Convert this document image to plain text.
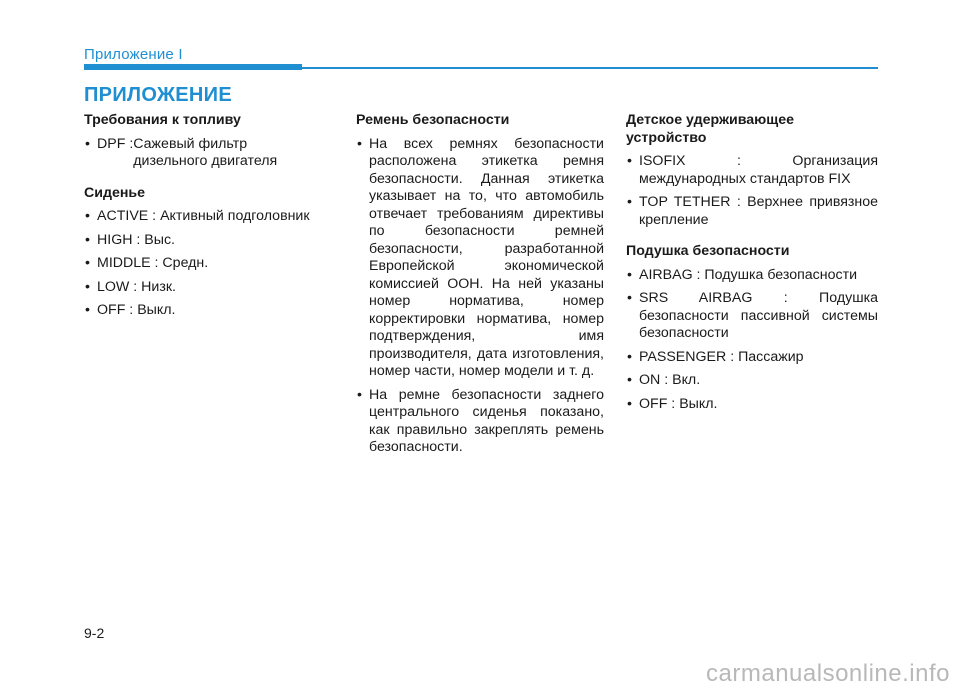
Приложение I
ПРИЛОЖЕНИЕ
Требования к топливу
• DPF : Сажевый фильтр
дизельного двигателя
Сиденье
• ACTIVE : Активный подголовник
• HIGH : Выс.
• MIDDLE : Средн.
• LOW : Низк.
• OFF : Выкл.
Ремень безопасности
• На всех ремнях безопасности расположена этикетка ремня безопасности. Данная этикетка указывает на то, что автомобиль отвечает требованиям директивы по безопасности ремней безопасности, разработанной Европейской экономической комиссией ООН. На ней указаны номер норматива, номер корректировки норматива, номер подтверждения, имя производителя, дата изготовления, номер части, номер модели и т. д.
• На ремне безопасности заднего центрального сиденья показано, как правильно закреплять ремень безопасности.
Детское удерживающее устройство
• ISOFIX : Организация международных стандартов FIX
• TOP TETHER : Верхнее привязное крепление
Подушка безопасности
• AIRBAG : Подушка безопасности
• SRS AIRBAG : Подушка безопасности пассивной системы безопасности
• PASSENGER : Пассажир
• ON : Вкл.
• OFF : Выкл.
9-2
carmanualsonline.info
